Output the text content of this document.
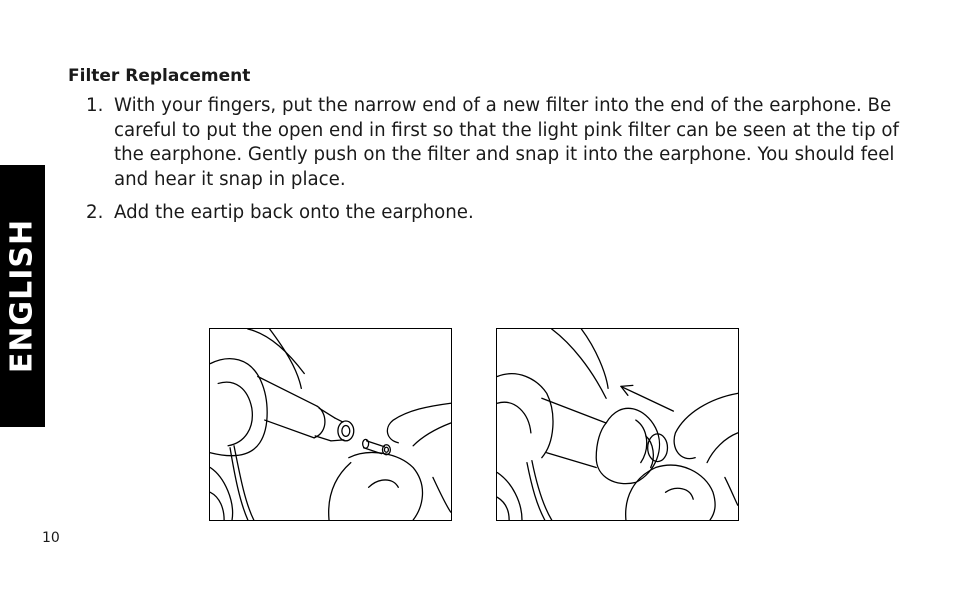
ENGLISH
Filter Replacement
1. With your fingers, put the narrow end of a new filter into the end of the earphone. Be careful to put the open end in first so that the light pink filter can be seen at the tip of the earphone. Gently push on the filter and snap it into the earphone. You should feel and hear it snap in place.
2. Add the eartip back onto the earphone.
10
